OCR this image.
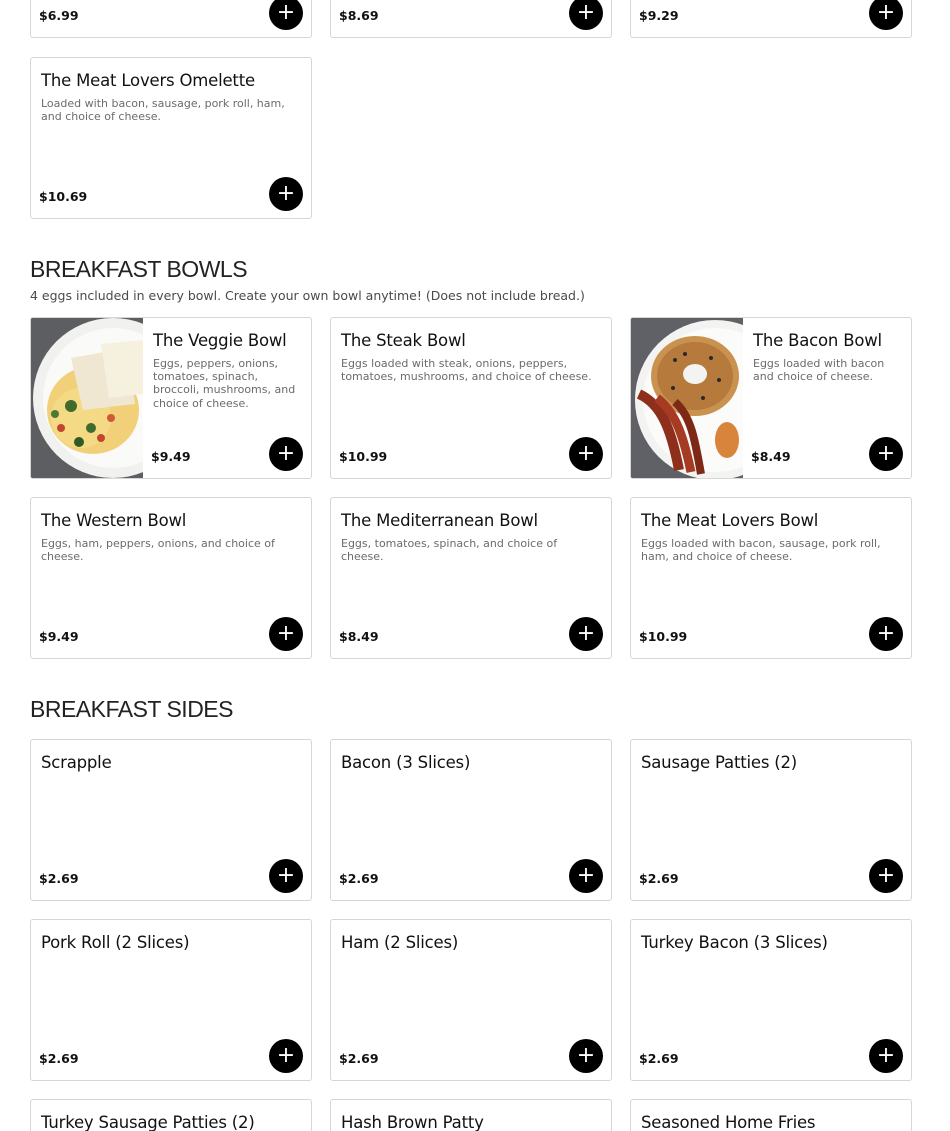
$6.99	+	$8.69	+	$9.29	+
The Meat Lovers Omelette
Loaded with bacon, sausage, pork roll, ham, and choice of cheese.
$10.69	+
BREAKFAST BOWLS
4 eggs included in every bowl. Create your own bowl anytime! (Does not include bread.)
The Veggie Bowl
Eggs, peppers, onions, tomatoes, spinach, broccoli, mushrooms, and choice of cheese.
$9.49	+
The Steak Bowl
Eggs loaded with steak, onions, peppers, tomatoes, mushrooms, and choice of cheese.
$10.99	+
The Bacon Bowl
Eggs loaded with bacon and choice of cheese.
$8.49	+
The Western Bowl
Eggs, ham, peppers, onions, and choice of cheese.
$9.49	+
The Mediterranean Bowl
Eggs, tomatoes, spinach, and choice of cheese.
$8.49	+
The Meat Lovers Bowl
Eggs loaded with bacon, sausage, pork roll, ham, and choice of cheese.
$10.99	+
BREAKFAST SIDES
Scrapple
$2.69	+
Bacon (3 Slices)
$2.69	+
Sausage Patties (2)
$2.69	+
Pork Roll (2 Slices)
$2.69	+
Ham (2 Slices)
$2.69	+
Turkey Bacon (3 Slices)
$2.69	+
Turkey Sausage Patties (2)	Hash Brown Patty	Seasoned Home Fries
